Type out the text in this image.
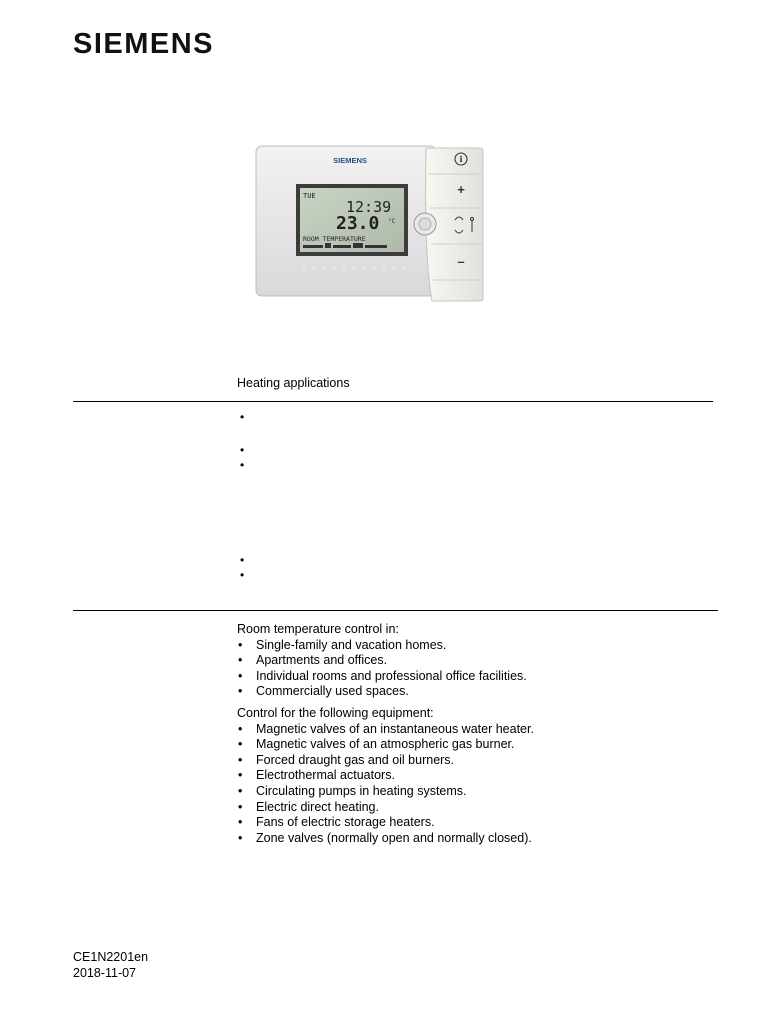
SIEMENS
SIEMENS
TUE
12:39
23.0 °C
ROOM TEMPERATURE
i
+
–
Heating applications
•
•
•
•
•

Room temperature control in:

• Single-family and vacation homes.
• Apartments and offices.
• Individual rooms and professional office facilities.
• Commercially used spaces.

Control for the following equipment:

• Magnetic valves of an instantaneous water heater.
• Magnetic valves of an atmospheric gas burner.
• Forced draught gas and oil burners.
• Electrothermal actuators.
• Circulating pumps in heating systems.
• Electric direct heating.
• Fans of electric storage heaters.
• Zone valves (normally open and normally closed).
CE1N2201en
2018-11-07
